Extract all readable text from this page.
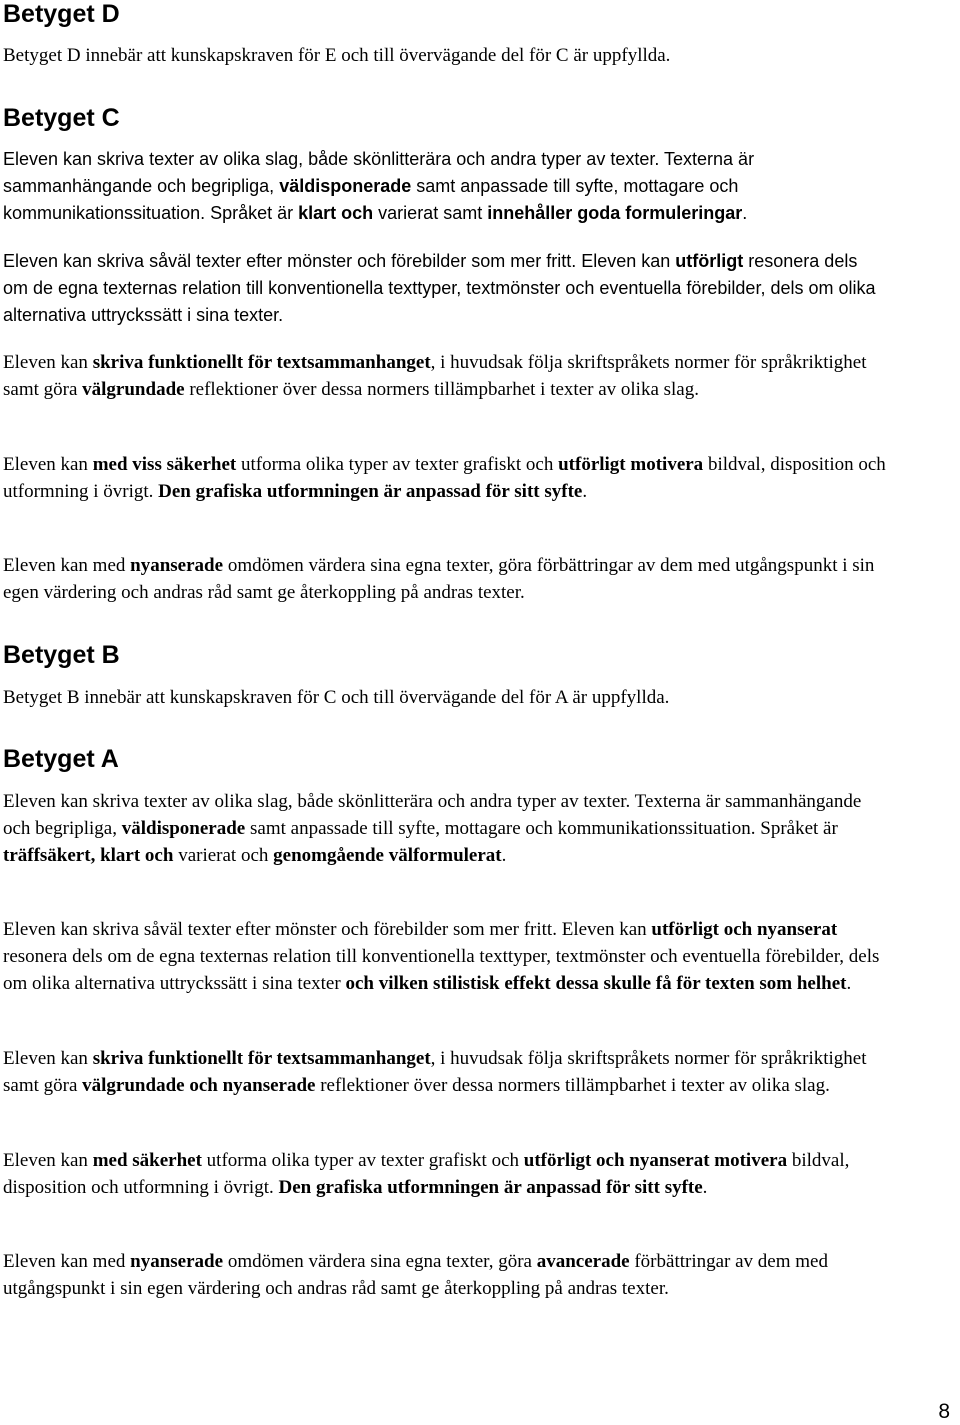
Betyget D

Betyget D innebär att kunskapskraven för E och till övervägande del för C är uppfyllda.

Betyget C

Eleven kan skriva texter av olika slag, både skönlitterära och andra typer av texter. Texterna är sammanhängande och begripliga, väldisponerade samt anpassade till syfte, mottagare och kommunikationssituation. Språket är klart och varierat samt innehåller goda formuleringar.

Eleven kan skriva såväl texter efter mönster och förebilder som mer fritt. Eleven kan utförligt resonera dels om de egna texternas relation till konventionella texttyper, textmönster och eventuella förebilder, dels om olika alternativa uttryckssätt i sina texter.

Eleven kan skriva funktionellt för textsammanhanget, i huvudsak följa skriftspråkets normer för språkriktighet samt göra välgrundade reflektioner över dessa normers tillämpbarhet i texter av olika slag.

Eleven kan med viss säkerhet utforma olika typer av texter grafiskt och utförligt motivera bildval, disposition och utformning i övrigt. Den grafiska utformningen är anpassad för sitt syfte.

Eleven kan med nyanserade omdömen värdera sina egna texter, göra förbättringar av dem med utgångspunkt i sin egen värdering och andras råd samt ge återkoppling på andras texter.

Betyget B

Betyget B innebär att kunskapskraven för C och till övervägande del för A är uppfyllda.

Betyget A

Eleven kan skriva texter av olika slag, både skönlitterära och andra typer av texter. Texterna är sammanhängande och begripliga, väldisponerade samt anpassade till syfte, mottagare och kommunikationssituation. Språket är träffsäkert, klart och varierat och genomgående välformulerat.

Eleven kan skriva såväl texter efter mönster och förebilder som mer fritt. Eleven kan utförligt och nyanserat resonera dels om de egna texternas relation till konventionella texttyper, textmönster och eventuella förebilder, dels om olika alternativa uttryckssätt i sina texter och vilken stilistisk effekt dessa skulle få för texten som helhet.

Eleven kan skriva funktionellt för textsammanhanget, i huvudsak följa skriftspråkets normer för språkriktighet samt göra välgrundade och nyanserade reflektioner över dessa normers tillämpbarhet i texter av olika slag.

Eleven kan med säkerhet utforma olika typer av texter grafiskt och utförligt och nyanserat motivera bildval, disposition och utformning i övrigt. Den grafiska utformningen är anpassad för sitt syfte.

Eleven kan med nyanserade omdömen värdera sina egna texter, göra avancerade förbättringar av dem med utgångspunkt i sin egen värdering och andras råd samt ge återkoppling på andras texter.

8
